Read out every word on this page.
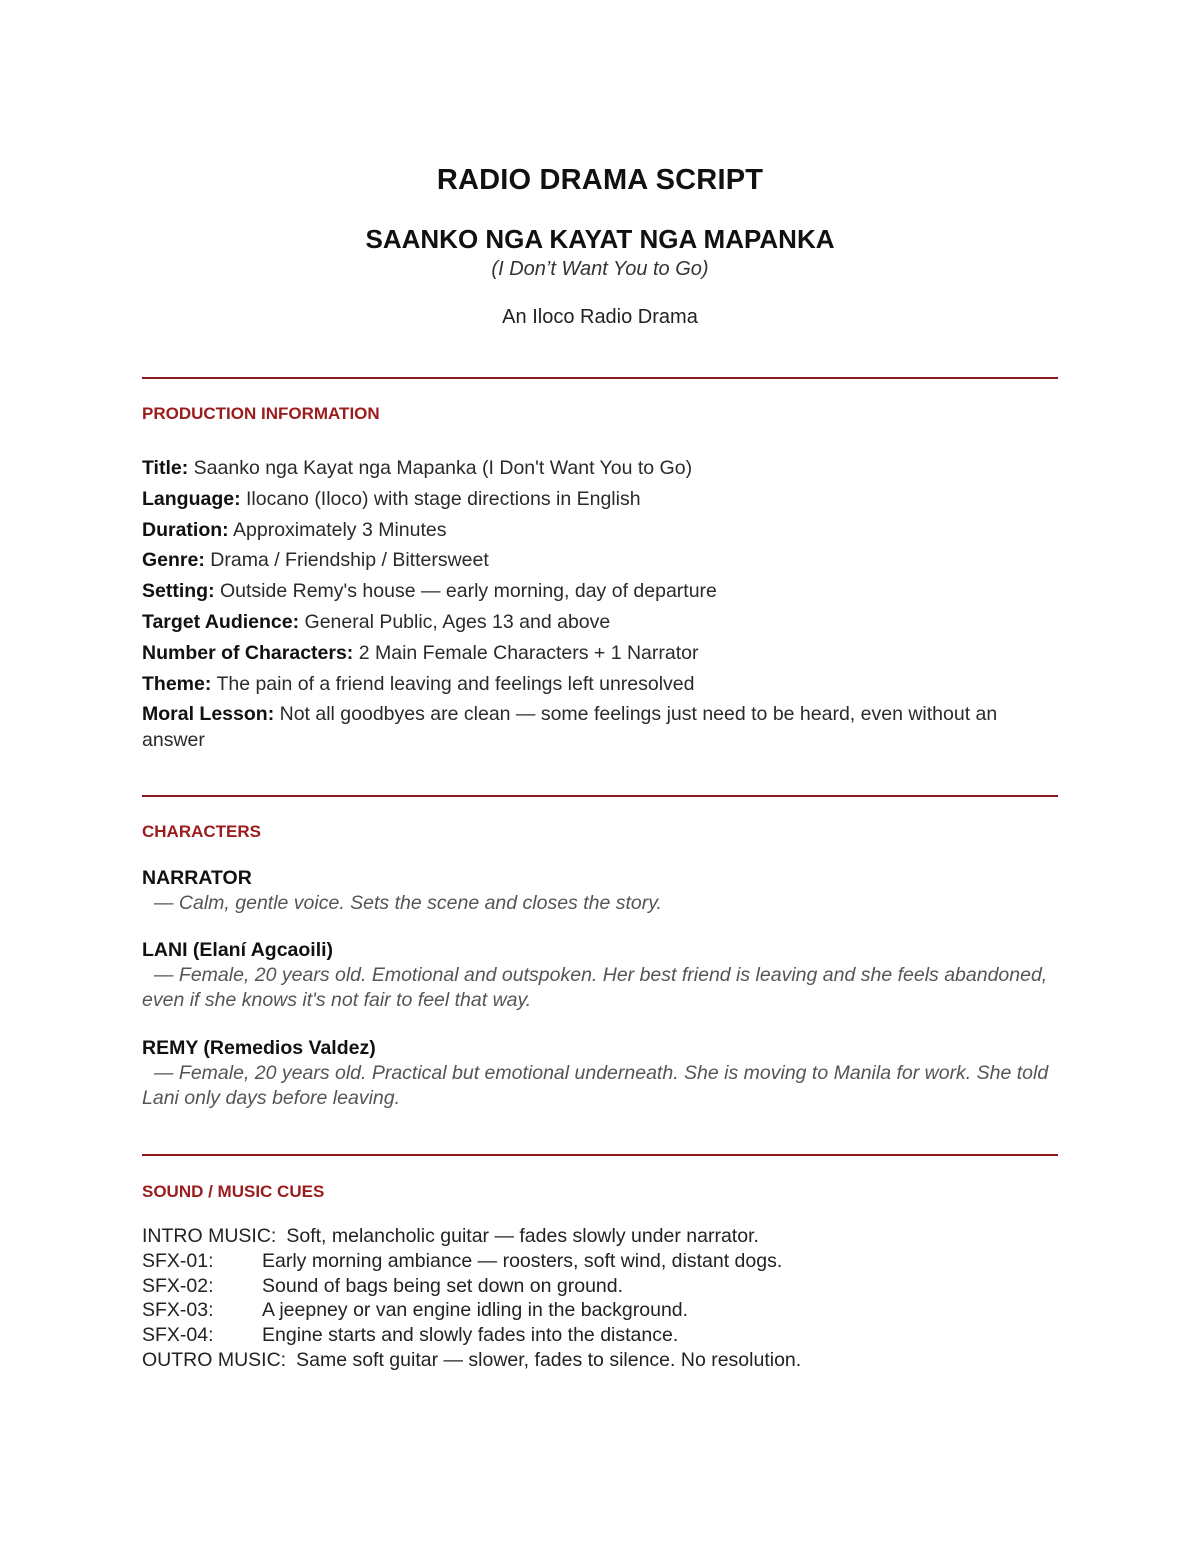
RADIO DRAMA SCRIPT
SAANKO NGA KAYAT NGA MAPANKA
(I Don’t Want You to Go)
An Iloco Radio Drama
PRODUCTION INFORMATION
Title: Saanko nga Kayat nga Mapanka (I Don't Want You to Go)
Language: Ilocano (Iloco) with stage directions in English
Duration: Approximately 3 Minutes
Genre: Drama / Friendship / Bittersweet
Setting: Outside Remy's house — early morning, day of departure
Target Audience: General Public, Ages 13 and above
Number of Characters: 2 Main Female Characters + 1 Narrator
Theme: The pain of a friend leaving and feelings left unresolved
Moral Lesson: Not all goodbyes are clean — some feelings just need to be heard, even without an answer
CHARACTERS
NARRATOR
— Calm, gentle voice. Sets the scene and closes the story.
LANI (Elaní Agcaoili)
— Female, 20 years old. Emotional and outspoken. Her best friend is leaving and she feels abandoned, even if she knows it's not fair to feel that way.
REMY (Remedios Valdez)
— Female, 20 years old. Practical but emotional underneath. She is moving to Manila for work. She told Lani only days before leaving.
SOUND / MUSIC CUES
INTRO MUSIC: Soft, melancholic guitar — fades slowly under narrator.
SFX-01:	Early morning ambiance — roosters, soft wind, distant dogs.
SFX-02:	Sound of bags being set down on ground.
SFX-03:	A jeepney or van engine idling in the background.
SFX-04:	Engine starts and slowly fades into the distance.
OUTRO MUSIC: Same soft guitar — slower, fades to silence. No resolution.
